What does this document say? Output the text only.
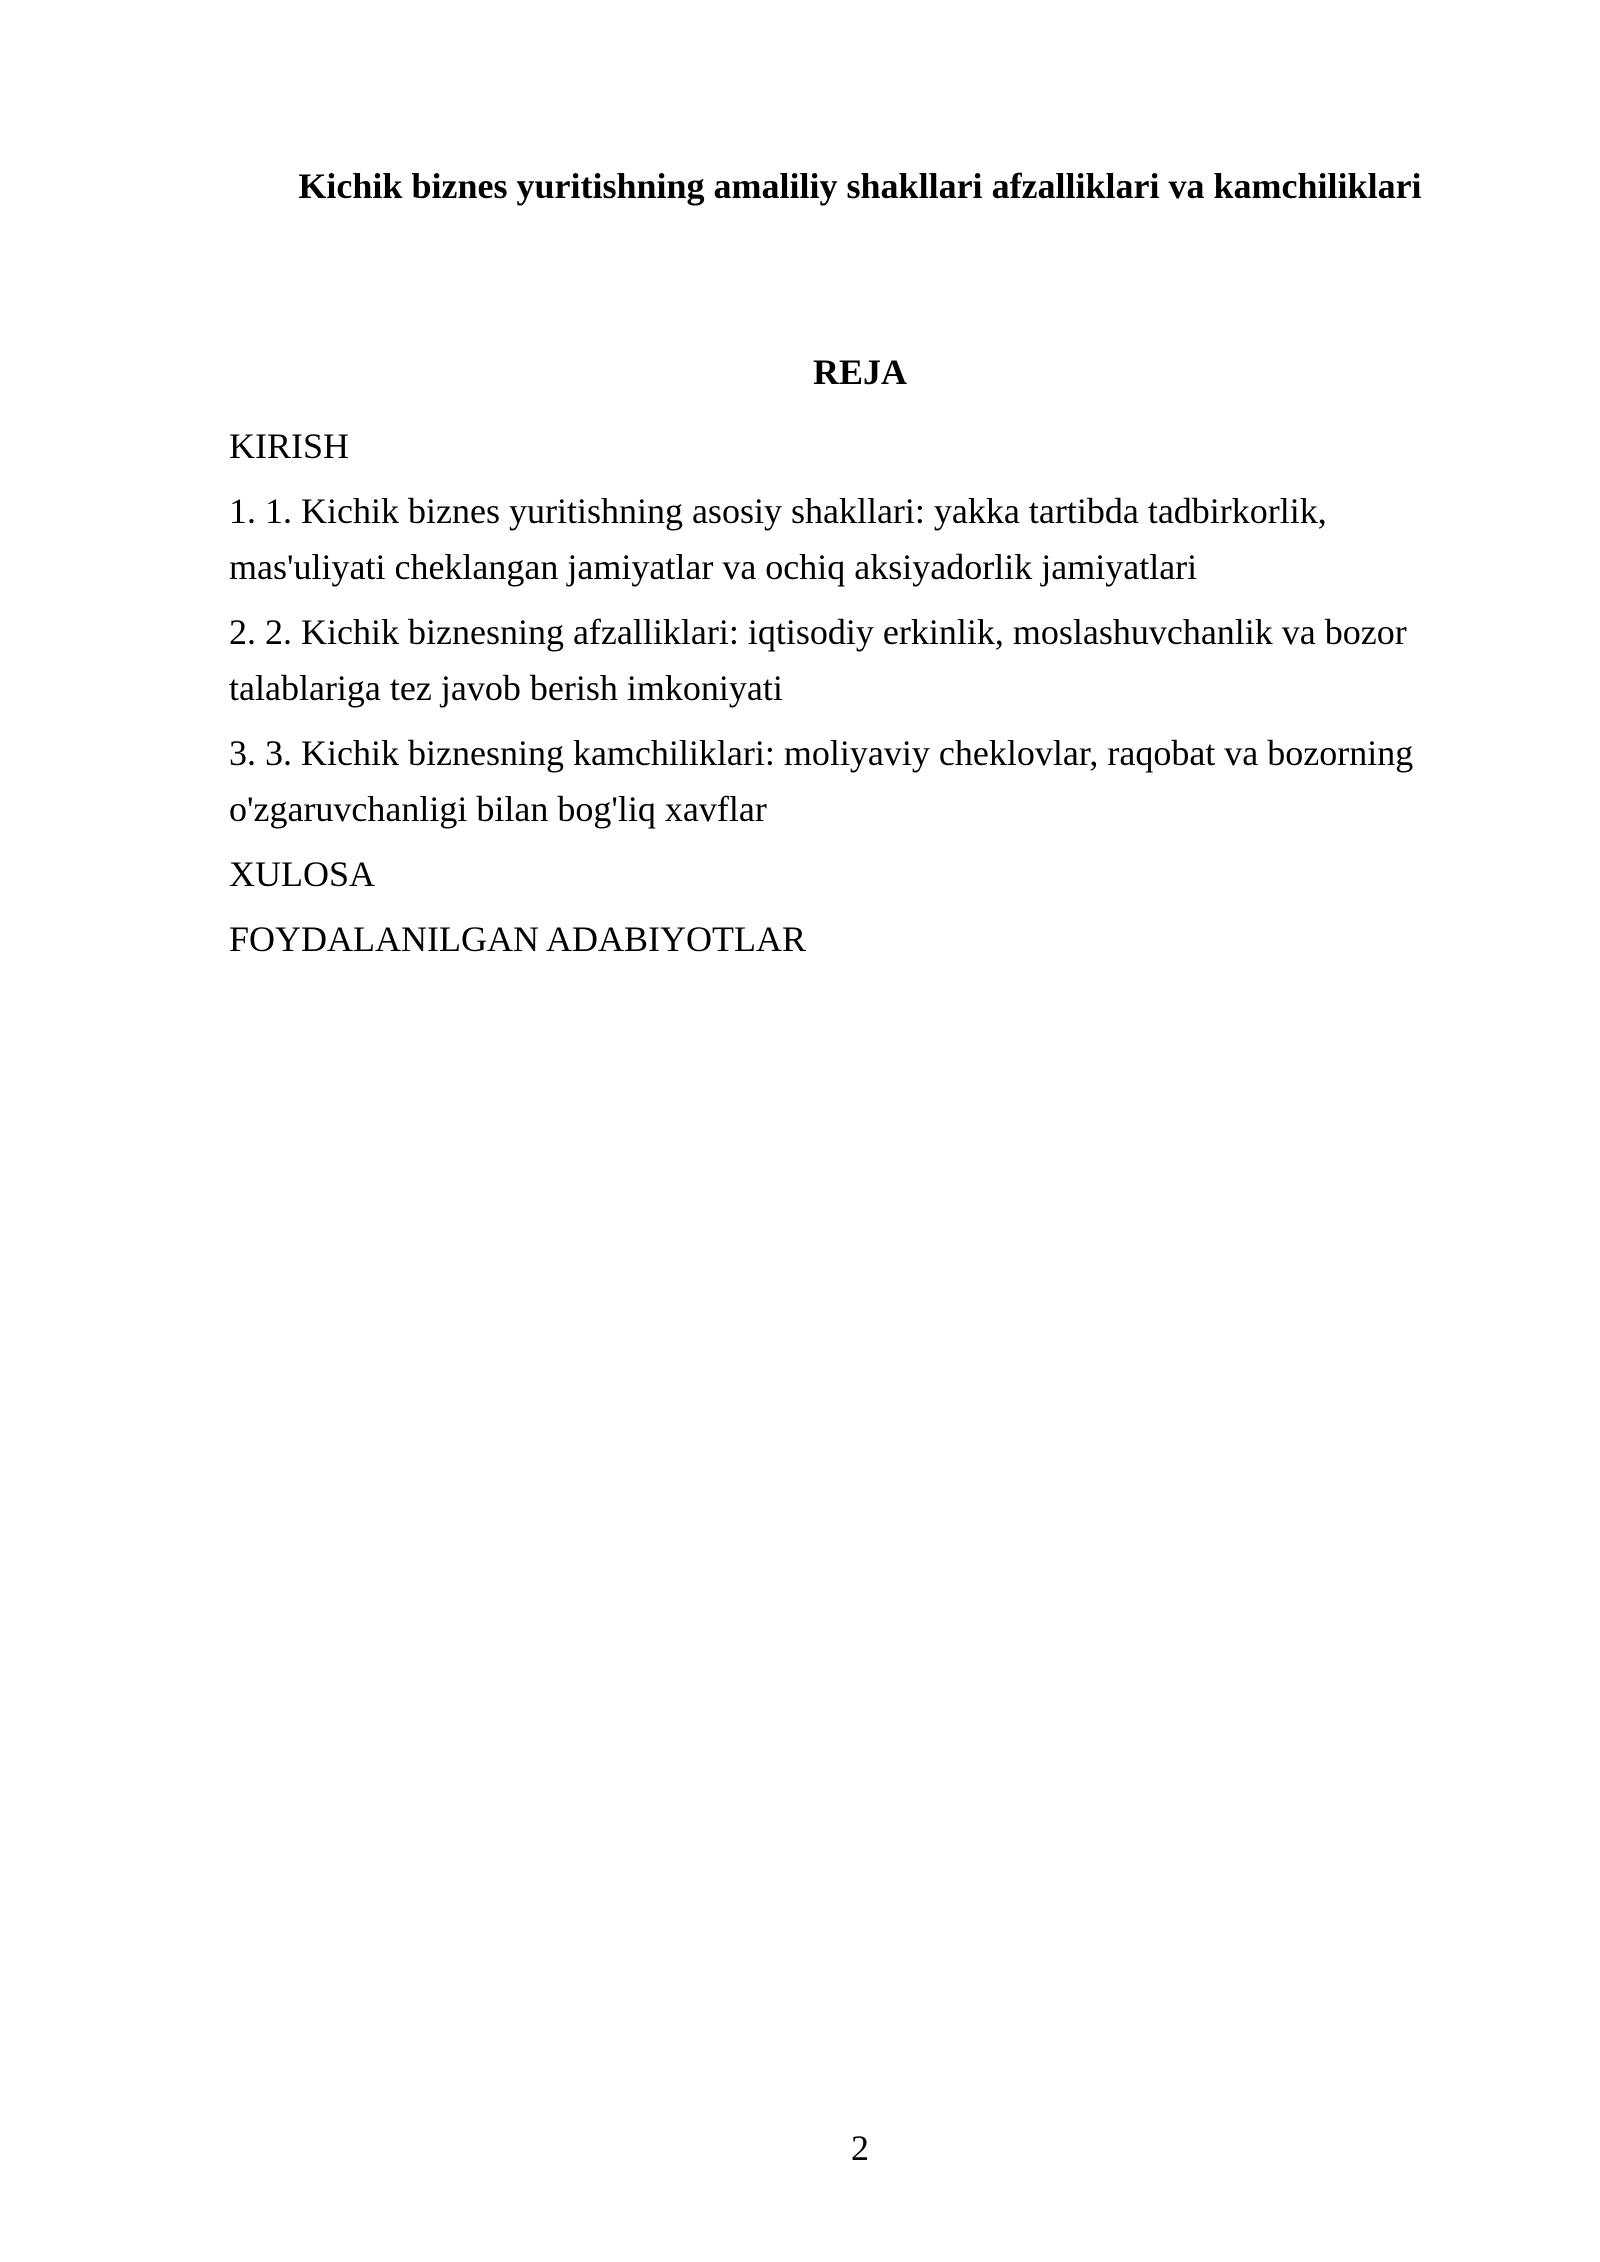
Kichik biznes yuritishning amaliliy shakllari afzalliklari va kamchiliklari
REJA
KIRISH
1. 1. Kichik biznes yuritishning asosiy shakllari: yakka tartibda tadbirkorlik, mas'uliyati cheklangan jamiyatlar va ochiq aksiyadorlik jamiyatlari
2. 2. Kichik biznesning afzalliklari: iqtisodiy erkinlik, moslashuvchanlik va bozor talablariga tez javob berish imkoniyati
3. 3. Kichik biznesning kamchiliklari: moliyaviy cheklovlar, raqobat va bozorning o'zgaruvchanligi bilan bog'liq xavflar
XULOSA
FOYDALANILGAN ADABIYOTLAR
2
